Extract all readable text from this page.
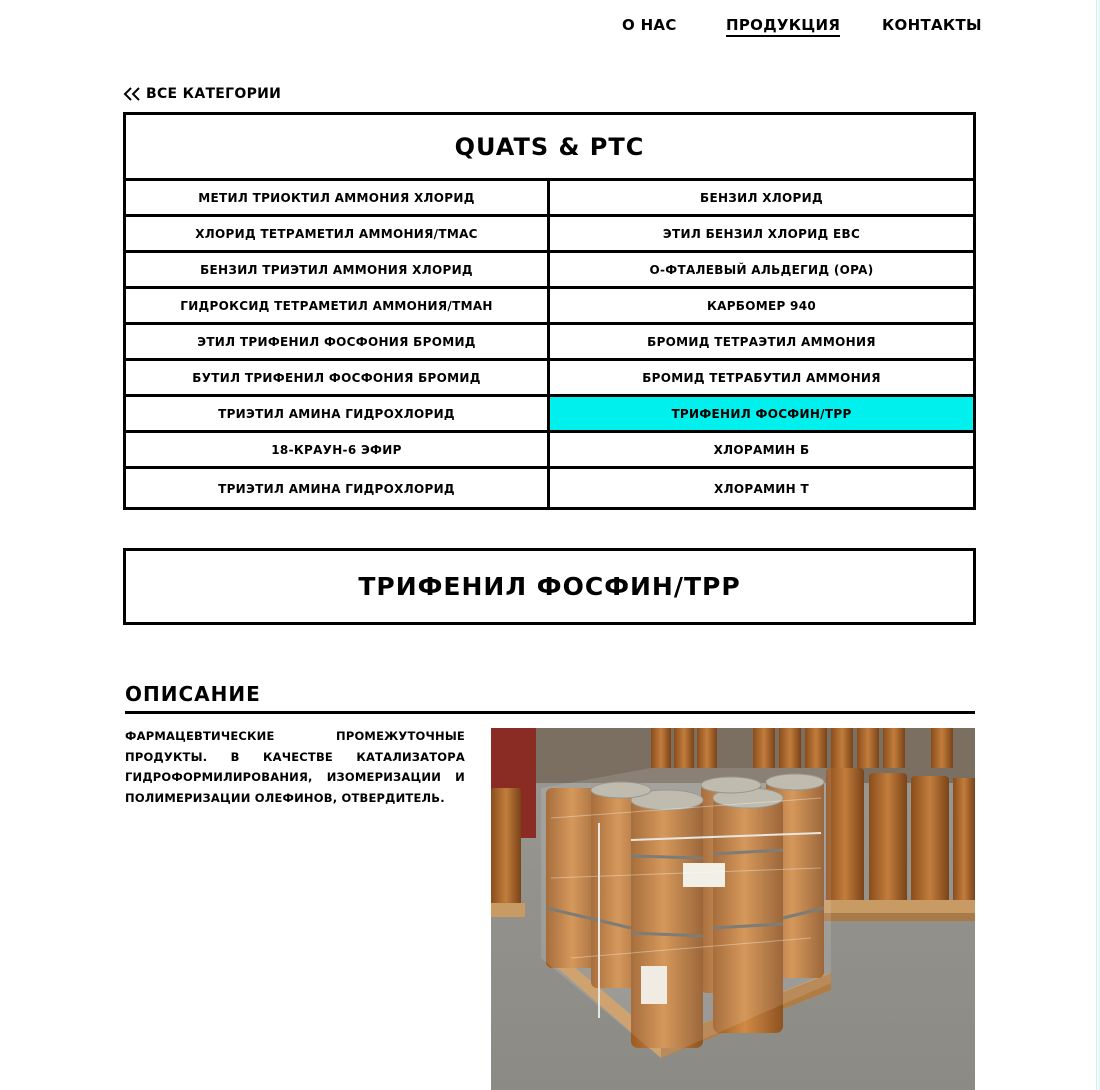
О НАС	ПРОДУКЦИЯ	КОНТАКТЫ
ВСЕ КАТЕГОРИИ
QUATS & PTC
МЕТИЛ ТРИОКТИЛ АММОНИЯ ХЛОРИД	БЕНЗИЛ ХЛОРИД
ХЛОРИД ТЕТРАМЕТИЛ АММОНИЯ/TMAC	ЭТИЛ БЕНЗИЛ ХЛОРИД EBC
БЕНЗИЛ ТРИЭТИЛ АММОНИЯ ХЛОРИД	О-ФТАЛЕВЫЙ АЛЬДЕГИД (OPA)
ГИДРОКСИД ТЕТРАМЕТИЛ АММОНИЯ/TMAH	КАРБОМЕР 940
ЭТИЛ ТРИФЕНИЛ ФОСФОНИЯ БРОМИД	БРОМИД ТЕТРАЭТИЛ АММОНИЯ
БУТИЛ ТРИФЕНИЛ ФОСФОНИЯ БРОМИД	БРОМИД ТЕТРАБУТИЛ АММОНИЯ
ТРИЭТИЛ АМИНА ГИДРОХЛОРИД	ТРИФЕНИЛ ФОСФИН/TPP
18-КРАУН-6 ЭФИР	ХЛОРАМИН Б
ТРИЭТИЛ АМИНА ГИДРОХЛОРИД	ХЛОРАМИН Т
ТРИФЕНИЛ ФОСФИН/TPP
ОПИСАНИЕ

ФАРМАЦЕВТИЧЕСКИЕ ПРОМЕЖУТОЧНЫЕ ПРОДУКТЫ. В КАЧЕСТВЕ КАТАЛИЗАТОРА ГИДРОФОРМИЛИРОВАНИЯ, ИЗОМЕРИЗАЦИИ И ПОЛИМЕРИЗАЦИИ ОЛЕФИНОВ, ОТВЕРДИТЕЛЬ.
